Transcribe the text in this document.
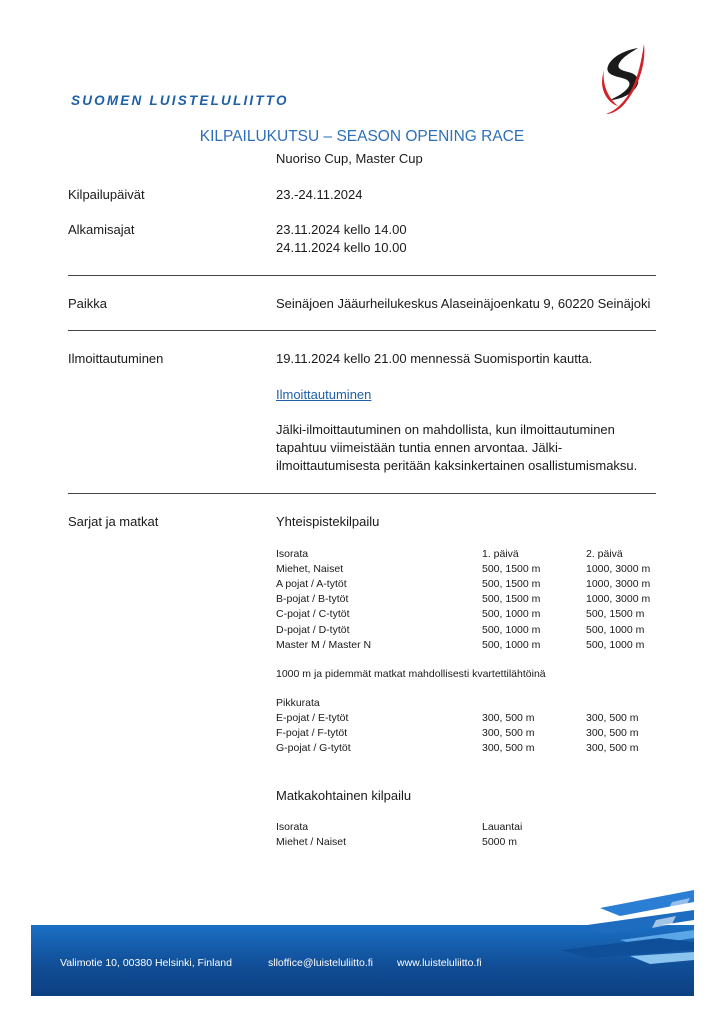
SUOMEN LUISTELULIITTO
KILPAILUKUTSU – SEASON OPENING RACE
Nuoriso Cup, Master Cup
Kilpailupäivät	23.-24.11.2024
Alkamisajat	23.11.2024 kello 14.00
24.11.2024 kello 10.00
Paikka	Seinäjoen Jääurheilukeskus Alaseinäjoenkatu 9, 60220 Seinäjoki
Ilmoittautuminen	19.11.2024 kello 21.00 mennessä Suomisportin kautta.
Ilmoittautuminen
Jälki-ilmoittautuminen on mahdollista, kun ilmoittautuminen
tapahtuu viimeistään tuntia ennen arvontaa. Jälki-
ilmoittautumisesta peritään kaksinkertainen osallistumismaksu.
Sarjat ja matkat	Yhteispistekilpailu
Isorata	1. päivä	2. päivä
Miehet, Naiset	500, 1500 m	1000, 3000 m
A pojat / A-tytöt	500, 1500 m	1000, 3000 m
B-pojat / B-tytöt	500, 1500 m	1000, 3000 m
C-pojat / C-tytöt	500, 1000 m	500, 1500 m
D-pojat / D-tytöt	500, 1000 m	500, 1000 m
Master M / Master N	500, 1000 m	500, 1000 m
1000 m ja pidemmät matkat mahdollisesti kvartettilähtöinä
Pikkurata		
E-pojat / E-tytöt	300, 500 m	300, 500 m
F-pojat / F-tytöt	300, 500 m	300, 500 m
G-pojat / G-tytöt	300, 500 m	300, 500 m
Matkakohtainen kilpailu
Isorata	Lauantai
Miehet / Naiset	5000 m
Valimotie 10, 00380 Helsinki, Finland	slloffice@luisteluliitto.fi www.luisteluliitto.fi
